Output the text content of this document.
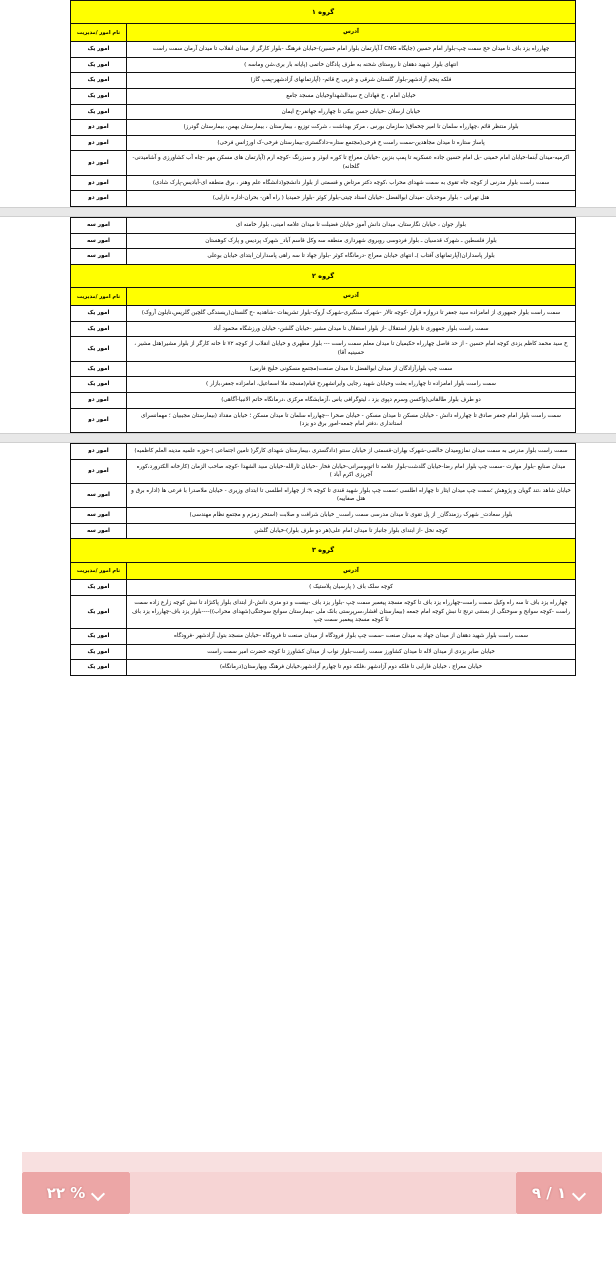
گروه ١	
آدرس	نام امور /مدیریت
چهارراه یزد باف تا میدان حج سمت چپ-بلوار امام حسین (جایگاه CNG آ.آپارتمان بلوار امام حسین)-خیابان فرهنگ -بلوار کارگر از میدان انقلاب تا میدان آرمان سمت راست	امور یک
انتهای بلوار شهید دهقان تا روستای شحنه به طرف پادگان خاتمی (پایانه بار بری،شن وماسه )	امور یک
فلکه پنجم آزادشهر-بلوار گلستان شرقی و غربی خ قائم- (آپارتمانهای آزادشهر-پمپ گاز)	امور یک
خیابان امام ، خ فهادان خ سیدالشهداوخیابان مسجد جامع	امور یک
خیابان ارسلان -خیابان حسن بیکی تا چهارراه جهانفر-خ ایمان	امور یک
بلوار منتظر قائم ،چهارراه سلمان تا امیر چخماق( سازمان بورس ، مرکز بهداشت ، شرکت توزیع ، بیمارستان ، بیمارستان بهمن، بیمارستان گودرز)	امور دو
پاساژ ستاره تا میدان مجاهدین-سمت راست خ فرخی(مجتمع ستاره-دادگستری-بیمارستان فرخی-ک اورژانس فرخی)	امور دو
اکرمیه-میدان آبنما-خیابان امام خمینی -بل امام حسین جاده عسکریه تا پمپ بنزین -خیابان معراج تا کوره ابوذر و سبزرنگ -کوچه ارم (آپارتمان های مسکن مهر -چاه آب کشاورزی و آشامیدنی-گلخانه)	امور دو
سمت راست بلوار مدرس از کوچه جاه تقوی به سمت شهدای محراب ،کوچه دکتر مرتاض و قسمتی از بلوار دانشجو(دانشگاه علم وهنر ، برق منطقه ای-آبادیس-پارک شادی)	امور دو
هتل تهرانی - بلوار موحدیان -میدان ابوالفضل -خیابان استاد چیتی-بلوار کوثر -بلوار حمیدیا ( راه آهن- بحران-اداره دارایی)	امور دو
بلوار جوان ، خیابان نگارستان، میدان دانش آموز خیابان فضیلت تا میدان علامه امینی، بلوار خامنه ای	امور سه
بلوار فلسطین ـ شهرک قدسیان ـ بلوار فردوسی روبروی شهرداری منطقه سه وکل قاسم آباد_ شهرک پردیس و پارک کوهستان	امور سه
بلوار پاسداران(آپارتمانهای آفتاب )ـ انتهای خیابان معراج -درمانگاه کوثر -بلوار جهاد تا سه راهی پاسداران_ابتدای خیابان بوعلی	امور سه
گروه ٢	
آدرس	نام امور /مدیریت
سمت راست بلوار جمهوری از امامزاده سید جعفر تا دروازه قرآن -کوچه تالار -شهرک سنگبری-شهرک آروک-بلوار تشریفات -شاهدیه -خ گلستان(ریسندگی گلچین گلریس،نایلون آروک)	امور یک
سمت راست بلوار جمهوری تا بلوار استقلال -از بلوار استقلال تا میدان مشیر -خیابان گلشن- خیابان ورزشگاه محمود آباد	امور یک
خ سید محمد کاظم یزدی کوچه امام حسین - از حد فاصل چهارراه حکیمیان تا میدان معلم سمت راست --- بلوار مطهری و خیابان انقلاب از کوچه ٧٢ تا خانه کارگر از بلوار مشیر(هتل مشیر ، حسینیه آقا)	امور یک
سمت چپ بلوارآزادگان از میدان ابوالفضل تا میدان صنعت(مجتمع مسکونی خلیج فارس)	امور یک
سمت راست بلوار امامزاده تا چهارراه بعثت وخیابان شهید رجایی وایرانشهر،خ قیام(مسجد ملا اسماعیل، امامزاده جعفر،بازار )	امور یک
دو طرف بلوار طالقانی(واکسن وسرم دپوی یزد ، لیتوگرافی یاس ،آزمایشگاه مرکزی ،درمانگاه خاتم الانبیا-آگاهی)	امور دو
سمت راست بلوار امام جعفر صادق تا چهارراه دانش - خیابان مسکن تا میدان مسکن - خیابان صحرا --چهارراه سلمان تا میدان مسکن ؛ خیابان مقداد (بیمارستان مجیبیان ؛ مهمانسرای استانداری ،دفتر امام جمعه-امور برق دو یزد)	امور دو
سمت راست بلوار مدرس به سمت میدان نمازومیدان خالصی-شهرک بهاران-قسمتی از خیابان سنتو (دادگستری ،بیمارستان شهدای کارگر( تامین اجتماعی )-حوزه علمیه مدینه العلم کاظمیه)	امور دو
میدان صنایع -بلوار مهارت -سمت چپ بلوار امام رضا-خیابان گلدشت-بلوار علامه تا اتوبوسرانی-خیابان فخار -خیابان ثارالله-خیابان سید الشهدا -کوچه صاحب الزمان (کارخانه الکترورد،کوره آجرپزی اکرم آباد )	امور دو
خیابان شاهد ،تند گویان و پژوهش ؛سمت چپ میدان ایثار تا چهاراه اطلسی ؛سمت چپ بلوار شهید قندی تا کوچه ٩؛ از چهاراه اطلسی تا ابتدای وزیری - خیابان ملاصدرا با فرعی ها (اداره برق و هتل صفاییه)	امور سه
بلوار سعادت_ شهرک رزمندگان_ از پل تقوی تا میدان مدرسی سمت راست_ خیابان شرافت و صلابت (استخر زمزم و مجتمع نظام مهندسی)	امور سه
کوچه نخل -از ابتدای بلوار جانباز تا میدان امام علی(هر دو طرف بلوار)-خیابان گلشن	امور سه
گروه ٣	
آدرس	نام امور /مدیریت
کوچه سلک باف ( پارسیان پلاستیک )	امور یک
چهارراه یزد باف تا سه راه وکیل سمت راست-چهارراه یزد باف تا کوچه مسجد پیغمبر سمت چپ -بلوار یزد باف -بیست و دو متری دانش-از ابتدای بلوار پاکنژاد تا نبش کوچه زارع زاده سمت راست -کوچه سوانح و سوختگی از بستنی ترنج تا نبش کوچه امام جمعه (بیمارستان افشار،سرپرستی بانک ملی -بیمارستان سوانح سوختگی(شهدای محراب))----بلوار یزد باف-چهارراه یزد باف تا کوچه مسجد پیغمبر سمت چپ	امور یک
سمت راست بلوار شهید دهقان از میدان جهاد به میدان صنعت -سمت چپ بلوار فرودگاه از میدان صنعت تا فرودگاه -خیابان مسجد بتول آزادشهر -فرودگاه	امور یک
خیابان صابر یزدی از میدان لاله تا میدان کشاورز سمت راست-بلوار نواب از میدان کشاورز تا کوچه حضرت امیر سمت راست	امور یک
خیابان معراج ، خیابان فارابی تا فلکه دوم آزادشهر ،فلکه دوم تا چهارم آزادشهر،خیابان فرهنگ وبهارستان(درمانگاه)	امور یک
٢٢ %	١ / ٩
